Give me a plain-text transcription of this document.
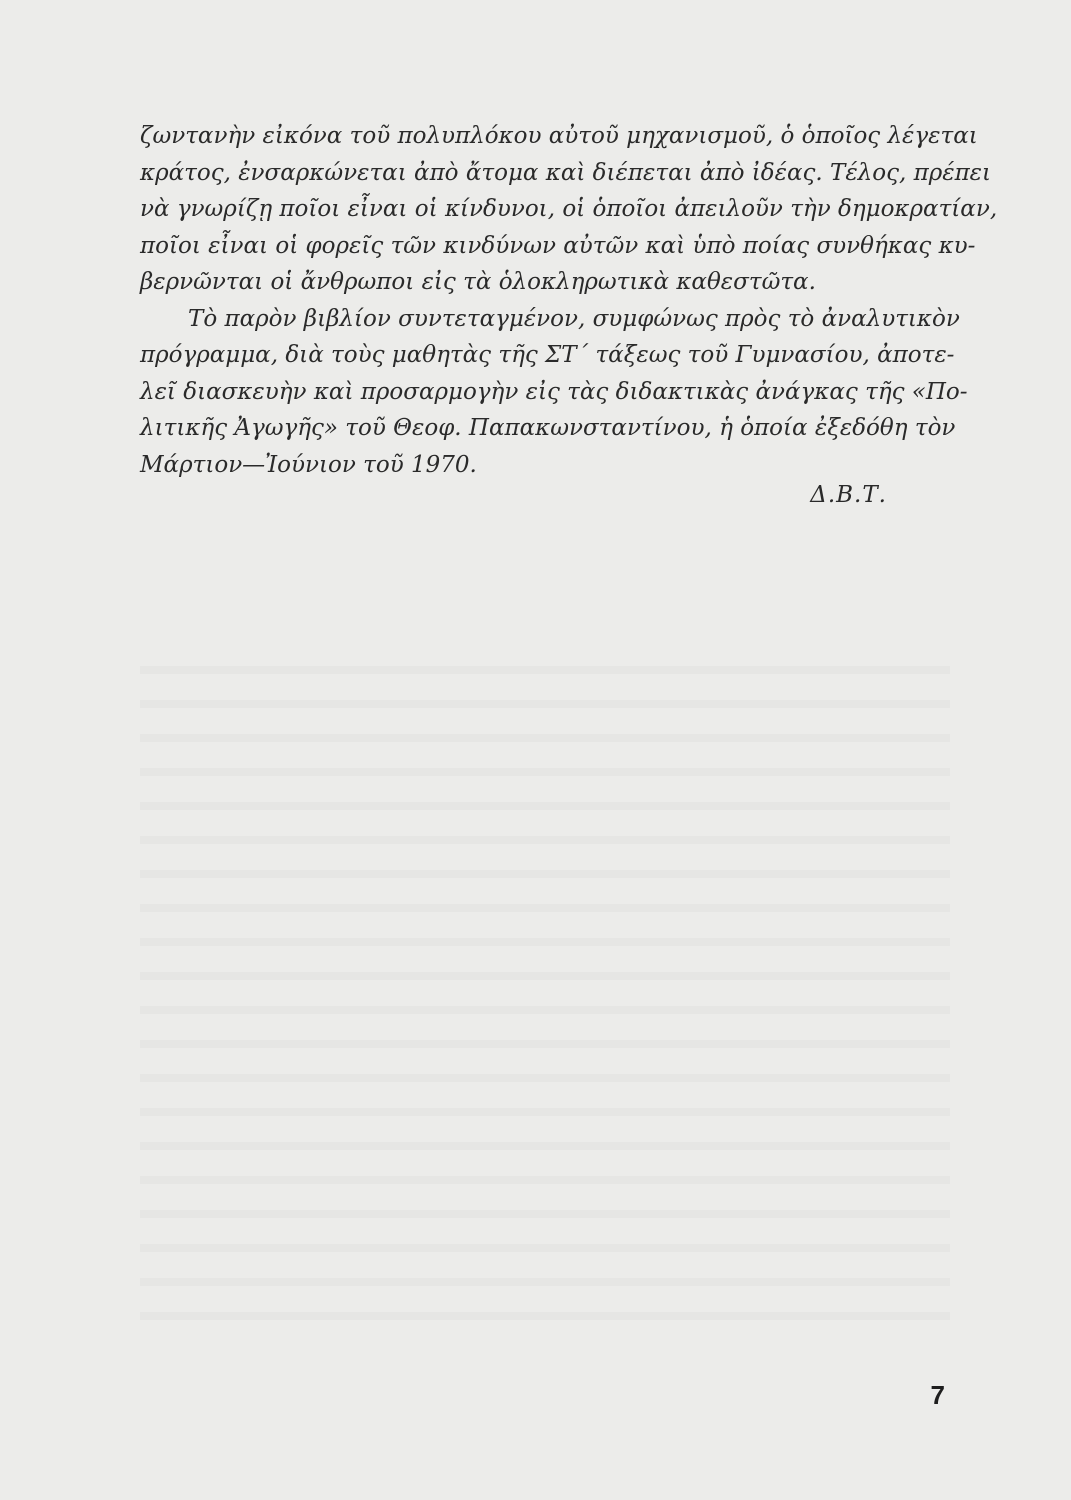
ζωντανὴν εἰκόνα τοῦ πολυπλόκου αὐτοῦ μηχανισμοῦ, ὁ ὁποῖος λέγεται
κράτος, ἐνσαρκώνεται ἀπὸ ἄτομα καὶ διέπεται ἀπὸ ἰδέας. Τέλος, πρέπει
νὰ γνωρίζῃ ποῖοι εἶναι οἱ κίνδυνοι, οἱ ὁποῖοι ἀπειλοῦν τὴν δημοκρατίαν,
ποῖοι εἶναι οἱ φορεῖς τῶν κινδύνων αὐτῶν καὶ ὑπὸ ποίας συνθήκας κυ-
βερνῶνται οἱ ἄνθρωποι εἰς τὰ ὁλοκληρωτικὰ καθεστῶτα.
Τὸ παρὸν βιβλίον συντεταγμένον, συμφώνως πρὸς τὸ ἀναλυτικὸν
πρόγραμμα, διὰ τοὺς μαθητὰς τῆς ΣΤ΄ τάξεως τοῦ Γυμνασίου, ἀποτε-
λεῖ διασκευὴν καὶ προσαρμογὴν εἰς τὰς διδακτικὰς ἀνάγκας τῆς «Πο-
λιτικῆς Ἀγωγῆς» τοῦ Θεοφ. Παπακωνσταντίνου, ἡ ὁποία ἐξεδόθη τὸν
Μάρτιον—Ἰούνιον τοῦ 1970.
Δ.Β.Τ.
7
